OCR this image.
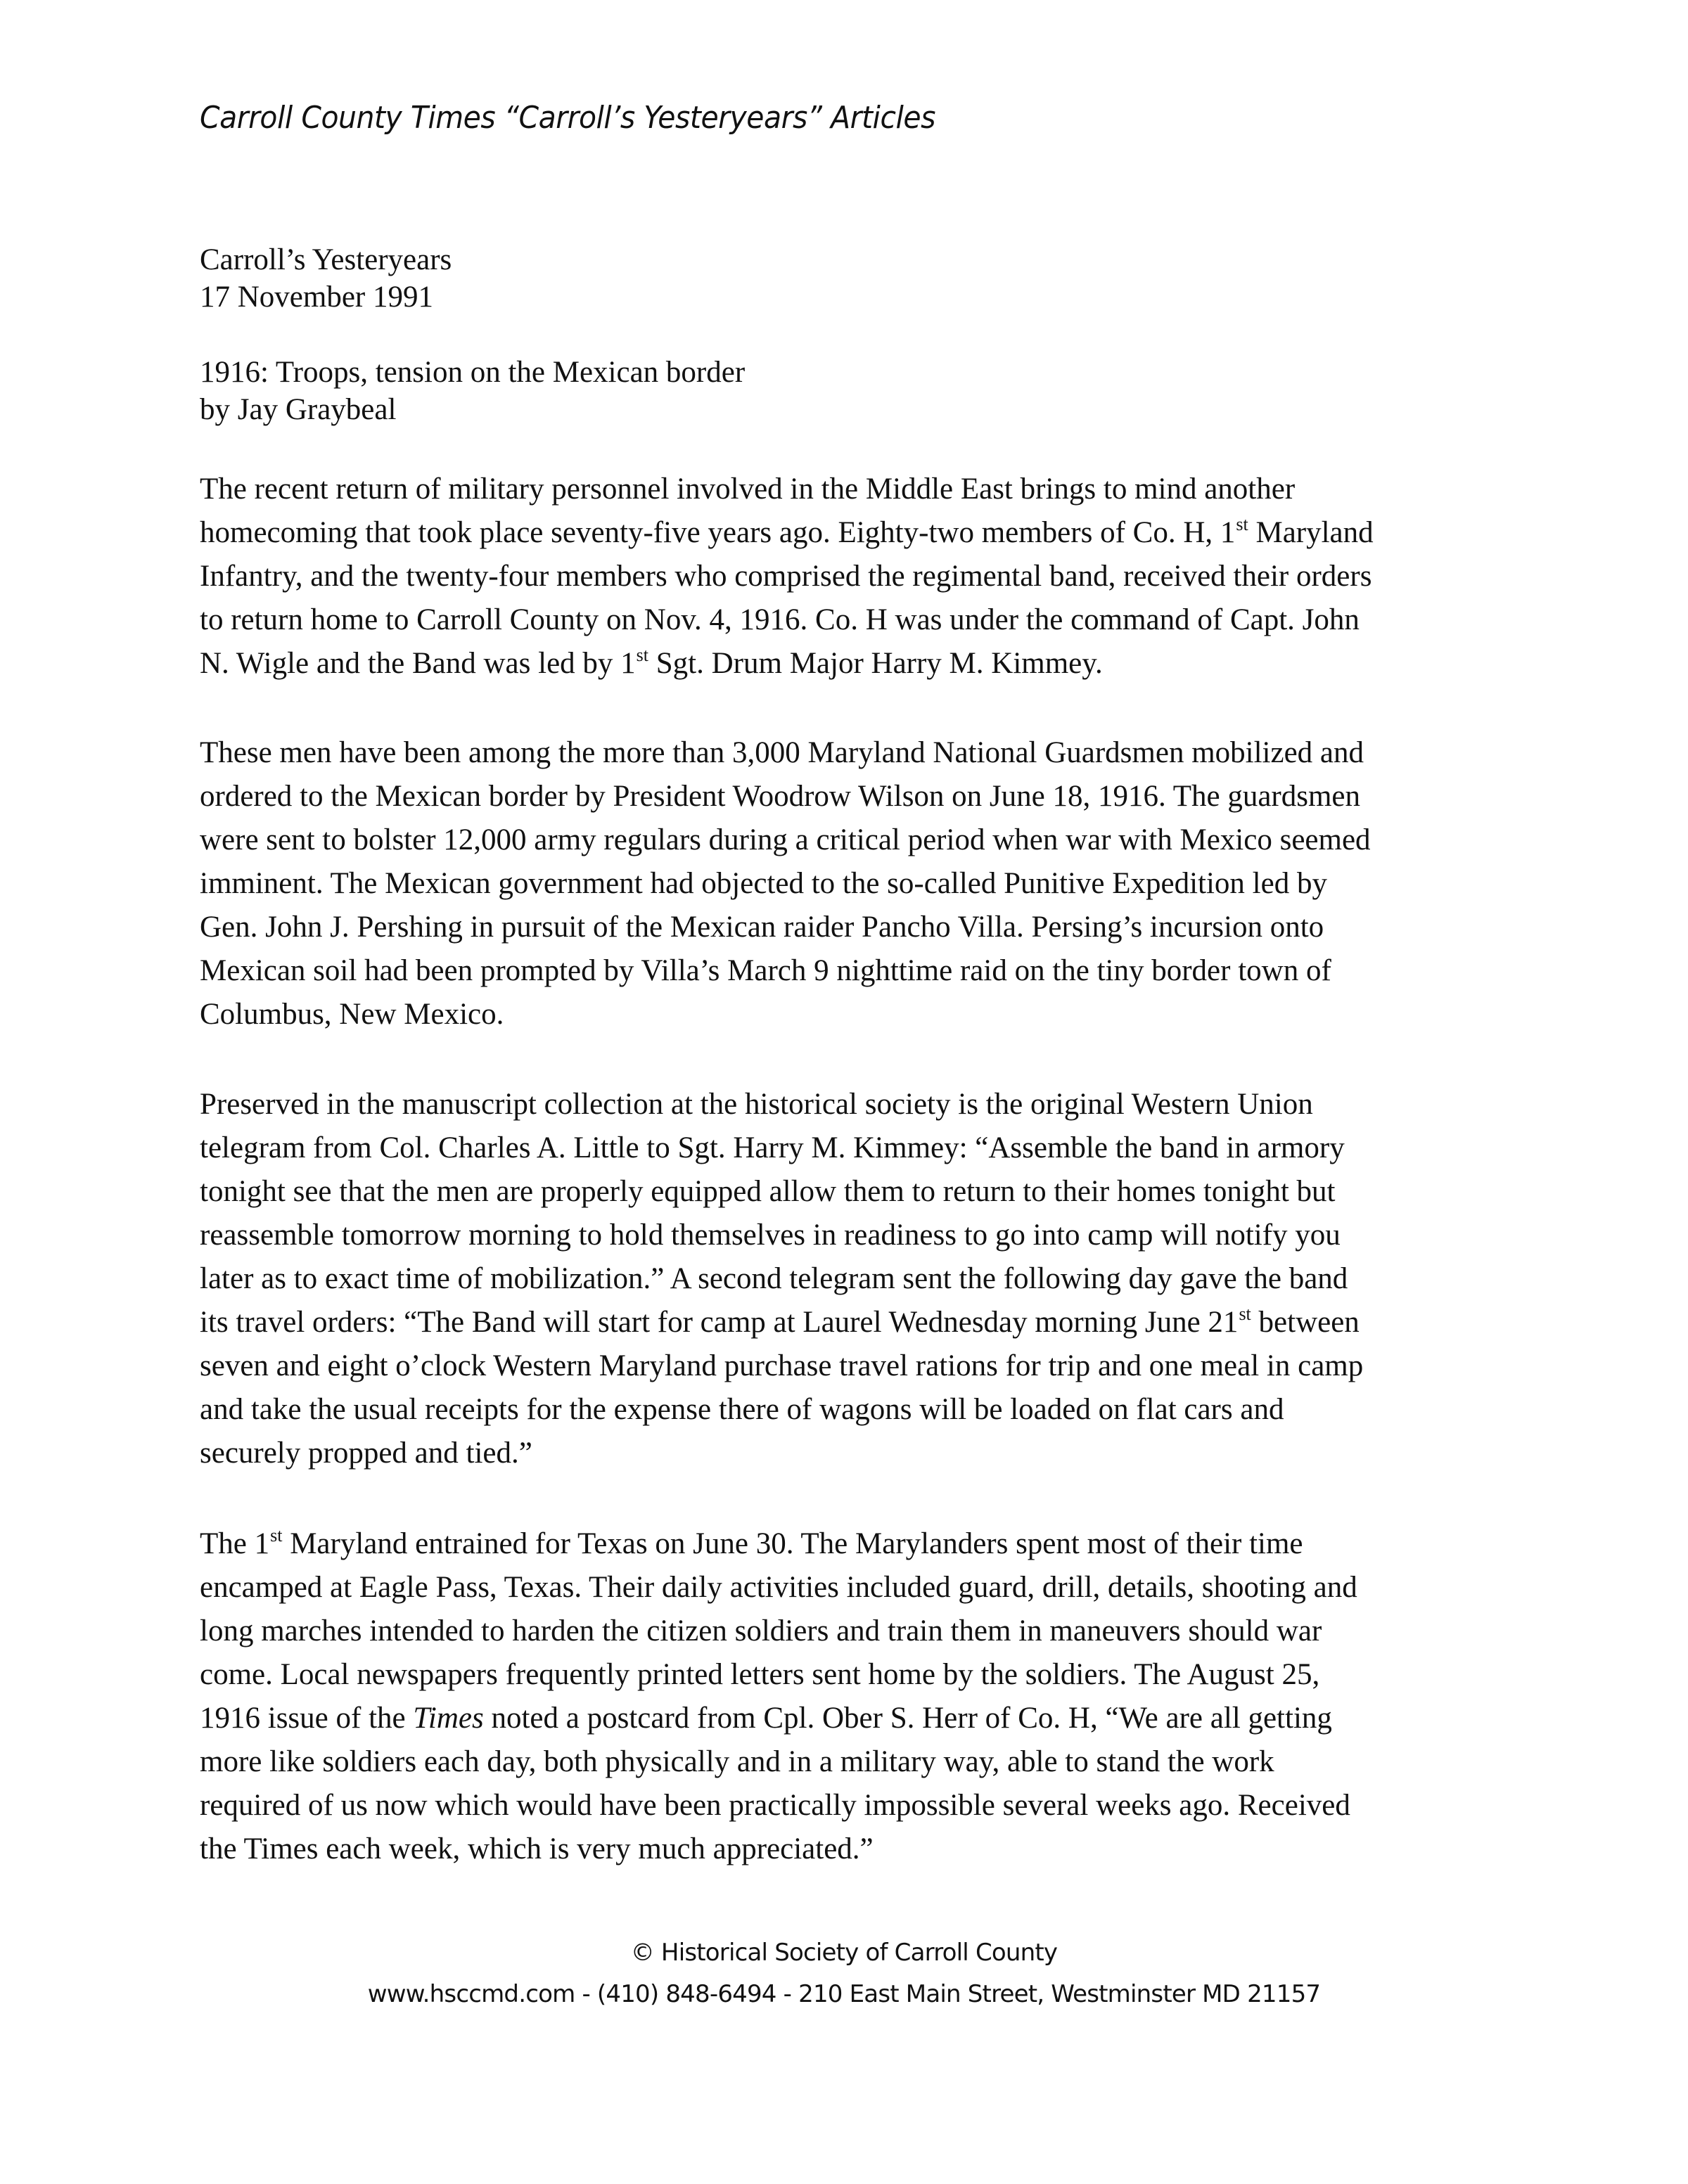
Carroll County Times “Carroll’s Yesteryears” Articles
Carroll’s Yesteryears
17 November 1991
1916: Troops, tension on the Mexican border
by Jay Graybeal
The recent return of military personnel involved in the Middle East brings to mind another
homecoming that took place seventy-five years ago. Eighty-two members of Co. H, 1st Maryland
Infantry, and the twenty-four members who comprised the regimental band, received their orders
to return home to Carroll County on Nov. 4, 1916. Co. H was under the command of Capt. John
N. Wigle and the Band was led by 1st Sgt. Drum Major Harry M. Kimmey.
These men have been among the more than 3,000 Maryland National Guardsmen mobilized and
ordered to the Mexican border by President Woodrow Wilson on June 18, 1916. The guardsmen
were sent to bolster 12,000 army regulars during a critical period when war with Mexico seemed
imminent. The Mexican government had objected to the so-called Punitive Expedition led by
Gen. John J. Pershing in pursuit of the Mexican raider Pancho Villa. Persing’s incursion onto
Mexican soil had been prompted by Villa’s March 9 nighttime raid on the tiny border town of
Columbus, New Mexico.
Preserved in the manuscript collection at the historical society is the original Western Union
telegram from Col. Charles A. Little to Sgt. Harry M. Kimmey: “Assemble the band in armory
tonight see that the men are properly equipped allow them to return to their homes tonight but
reassemble tomorrow morning to hold themselves in readiness to go into camp will notify you
later as to exact time of mobilization.” A second telegram sent the following day gave the band
its travel orders: “The Band will start for camp at Laurel Wednesday morning June 21st between
seven and eight o’clock Western Maryland purchase travel rations for trip and one meal in camp
and take the usual receipts for the expense there of wagons will be loaded on flat cars and
securely propped and tied.”
The 1st Maryland entrained for Texas on June 30. The Marylanders spent most of their time
encamped at Eagle Pass, Texas. Their daily activities included guard, drill, details, shooting and
long marches intended to harden the citizen soldiers and train them in maneuvers should war
come. Local newspapers frequently printed letters sent home by the soldiers. The August 25,
1916 issue of the Times noted a postcard from Cpl. Ober S. Herr of Co. H, “We are all getting
more like soldiers each day, both physically and in a military way, able to stand the work
required of us now which would have been practically impossible several weeks ago. Received
the Times each week, which is very much appreciated.”
© Historical Society of Carroll County
www.hsccmd.com - (410) 848-6494 - 210 East Main Street, Westminster MD 21157
